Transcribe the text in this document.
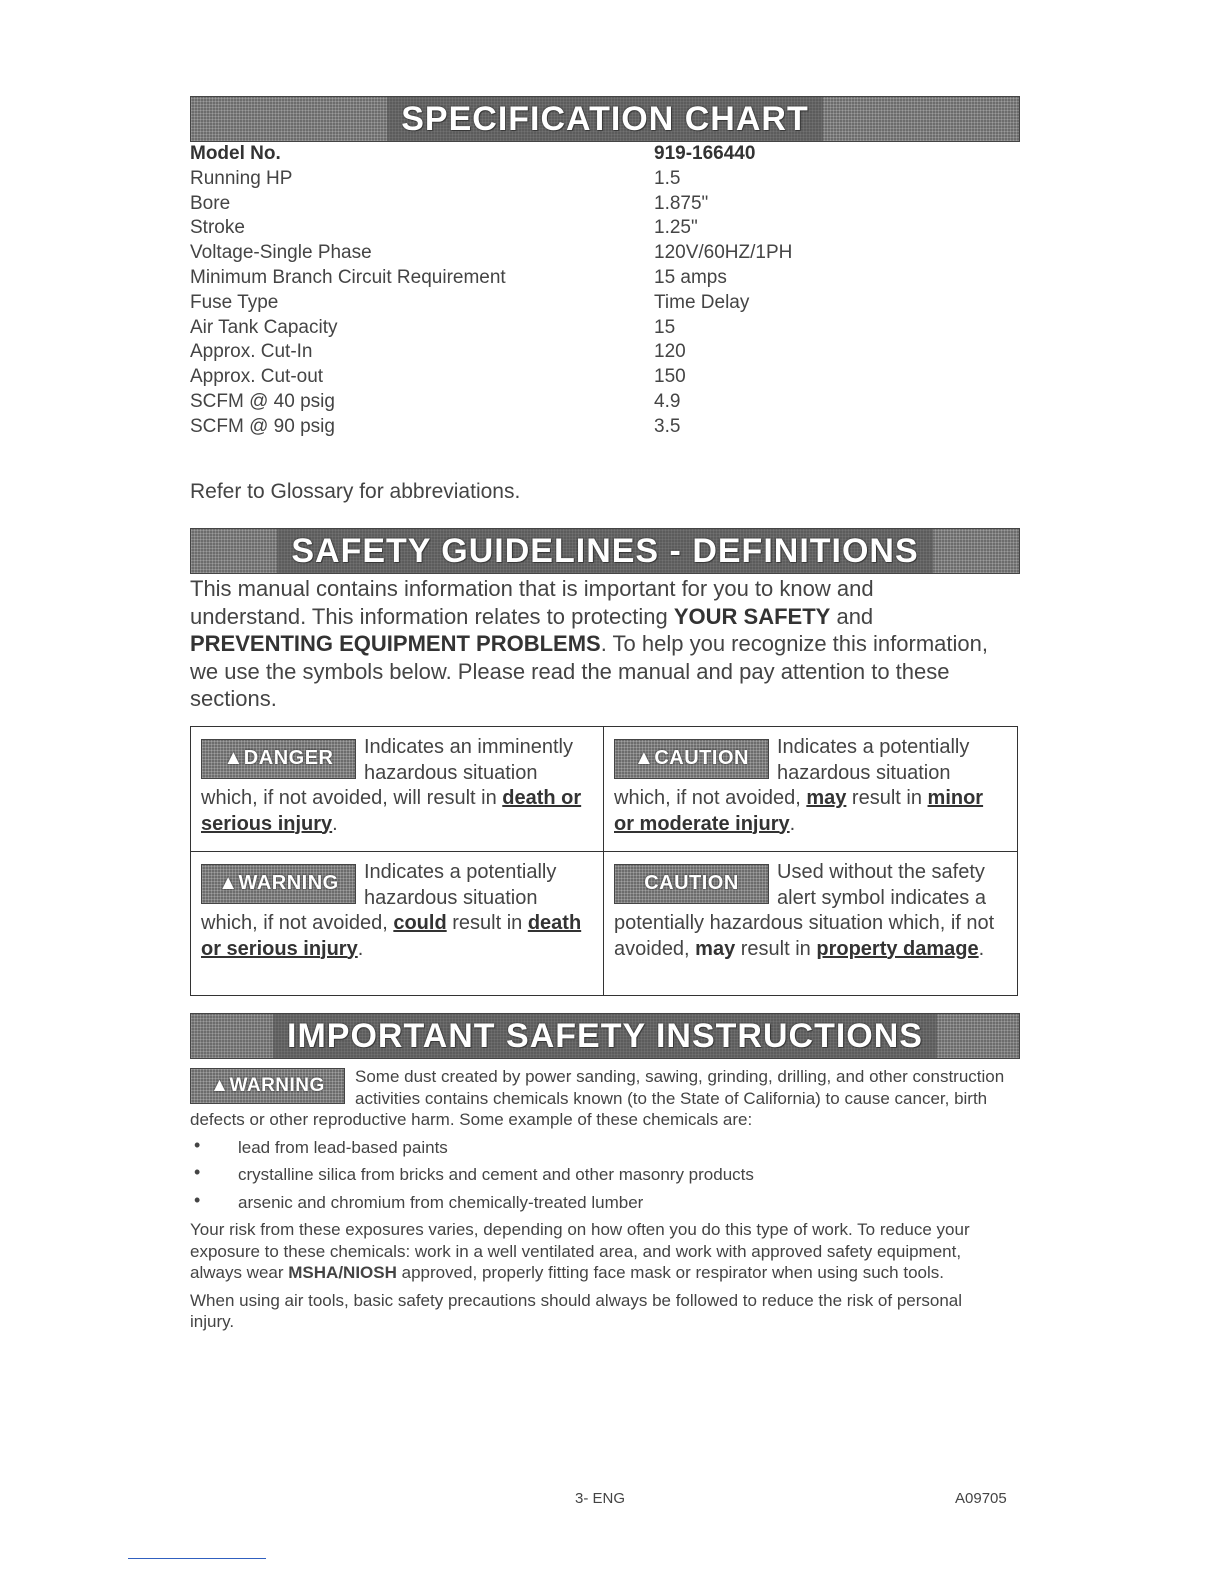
SPECIFICATION CHART
Model No.	919-166440
Running HP	1.5
Bore	1.875"
Stroke	1.25"
Voltage-Single Phase	120V/60HZ/1PH
Minimum Branch Circuit Requirement	15 amps
Fuse Type	Time Delay
Air Tank Capacity	15
Approx. Cut-In	120
Approx. Cut-out	150
SCFM @ 40 psig	4.9
SCFM @ 90 psig	3.5
Refer to Glossary for abbreviations.
SAFETY GUIDELINES - DEFINITIONS
This manual contains information that is important for you to know and understand. This information relates to protecting YOUR SAFETY and PREVENTING EQUIPMENT PROBLEMS. To help you recognize this information, we use the symbols below. Please read the manual and pay attention to these sections.
▲DANGER
Indicates an imminently hazardous situation which, if not avoided, will result in death or serious injury.
▲CAUTION
Indicates a potentially hazardous situation which, if not avoided, may result in minor or moderate injury.
▲WARNING
Indicates a potentially hazardous situation which, if not avoided, could result in death or serious injury.
CAUTION
Used without the safety alert symbol indicates a potentially hazardous situation which, if not avoided, may result in property damage.
IMPORTANT SAFETY INSTRUCTIONS
▲WARNING	Some dust created by power sanding, sawing, grinding, drilling, and other construction activities contains chemicals known (to the State of California) to cause cancer, birth defects or other reproductive harm. Some example of these chemicals are:

• lead from lead-based paints
• crystalline silica from bricks and cement and other masonry products
• arsenic and chromium from chemically-treated lumber

Your risk from these exposures varies, depending on how often you do this type of work. To reduce your exposure to these chemicals: work in a well ventilated area, and work with approved safety equipment, always wear MSHA/NIOSH approved, properly fitting face mask or respirator when using such tools.

When using air tools, basic safety precautions should always be followed to reduce the risk of personal injury.

3- ENG	A09705
